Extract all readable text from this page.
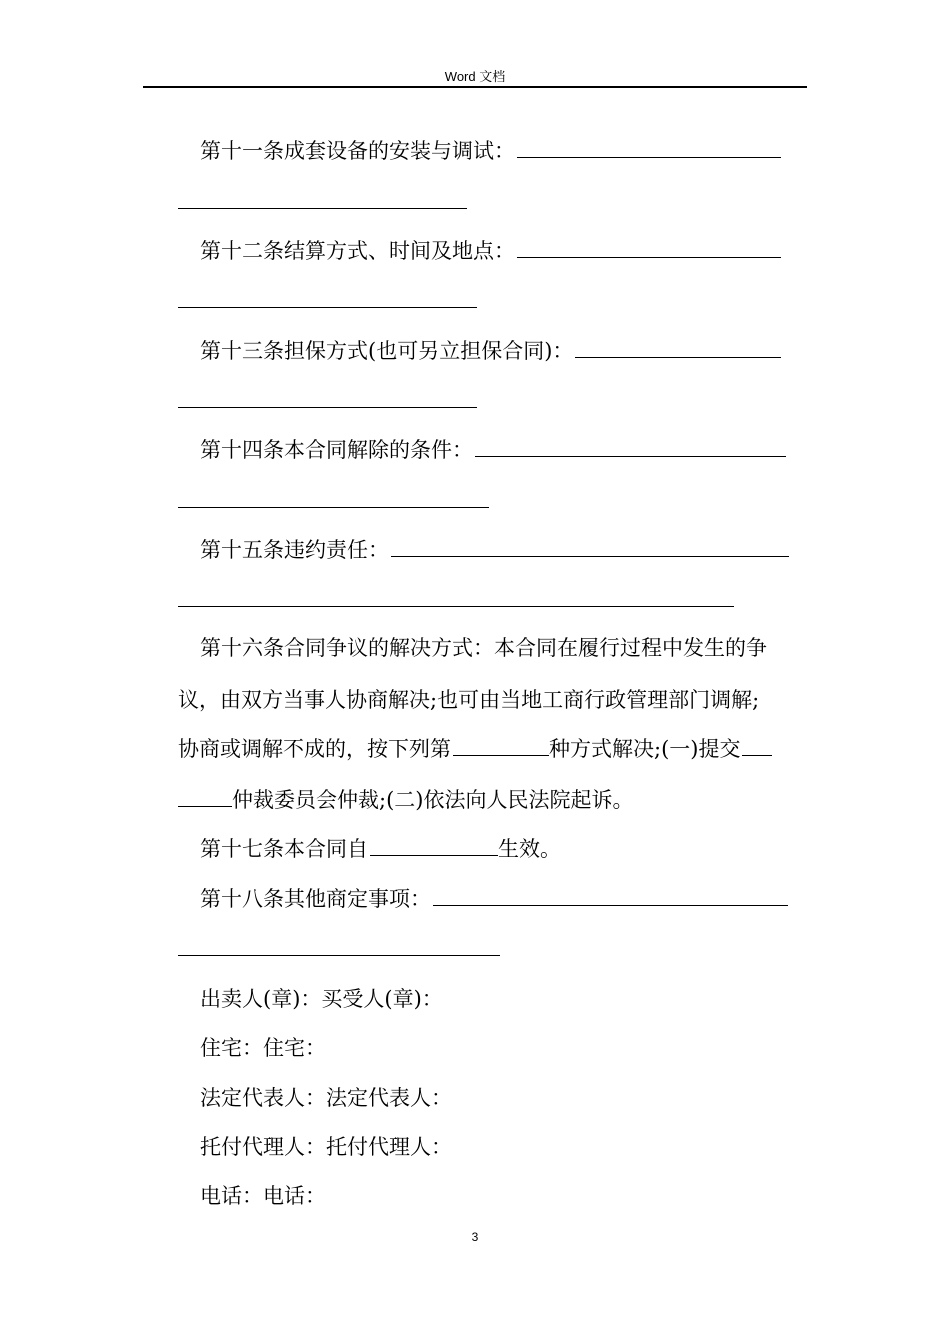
Word 文档
第十一条成套设备的安装与调试：
第十二条结算方式、时间及地点：
第十三条担保方式(也可另立担保合同)：
第十四条本合同解除的条件：
第十五条违约责任：
第十六条合同争议的解决方式：本合同在履行过程中发生的争
议，由双方当事人协商解决;也可由当地工商行政管理部门调解;
协商或调解不成的，按下列第	种方式解决;(一)提交
仲裁委员会仲裁;(二)依法向人民法院起诉。
第十七条本合同自	生效。
第十八条其他商定事项：
出卖人(章)：买受人(章)：
住宅：住宅：
法定代表人：法定代表人：
托付代理人：托付代理人：
电话：电话：
3
